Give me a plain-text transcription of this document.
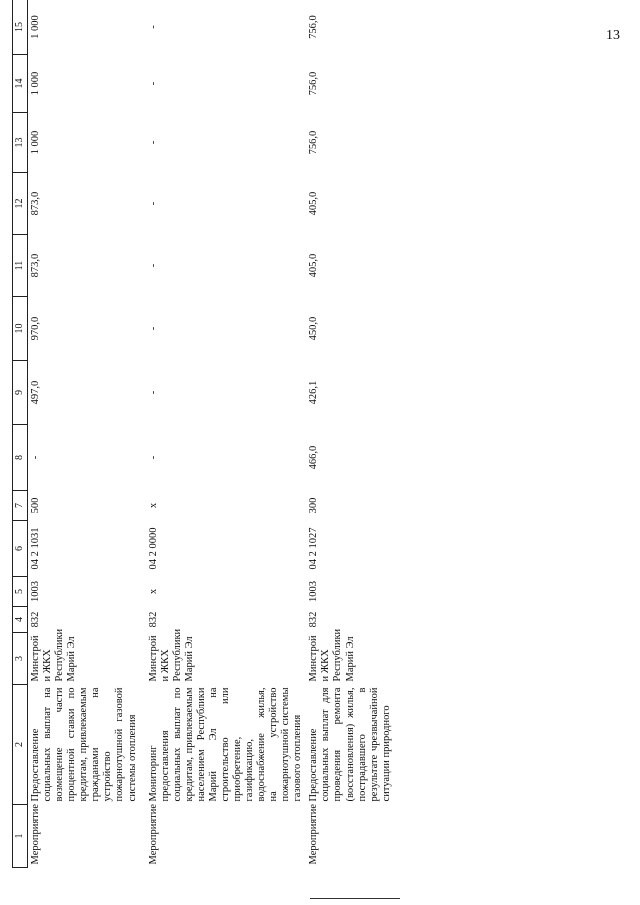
13
1	2	3	4	5	6	7	8	9	10	11	12	13	14	15
Мероприятие	Предоставление социальных выплат на возмещение части процентной ставки по кредитам, привлекаемым гражданами на устройство пожарнотушной газовой системы отопления	Минстрой и ЖКХ Республики Марий Эл	832	1003	04 2 1031	500	-	497,0	970,0	873,0	873,0	1 000	1 000	1 000
Мероприятие	Мониторинг предоставления социальных выплат по кредитам, привлекаемым населением Республики Марий Эл на строительство или приобретение, газификацию, водоснабжение жилья, на устройство пожарнотушной системы газового отопления	Минстрой и ЖКХ Республики Марий Эл	832	х	04 2 0000	х	-	-	-	-	-	-	-	-
Мероприятие	Предоставление социальных выплат для проведения ремонта (восстановления) жилья, пострадавшего в результате чрезвычайной ситуации природного	Минстрой и ЖКХ Республики Марий Эл	832	1003	04 2 1027	300	466,0	426,1	450,0	405,0	405,0	756,0	756,0	756,0
